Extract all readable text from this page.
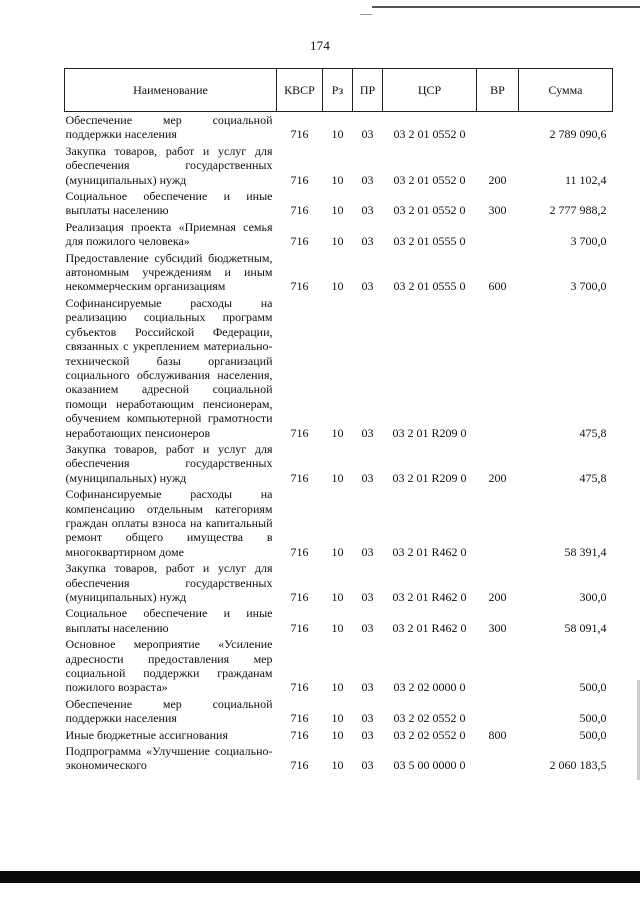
174
Наименование	КВСР	Рз	ПР	ЦСР	ВР	Сумма
Обеспечение мер социальной поддержки населения	716	10	03	03 2 01 0552 0		2 789 090,6
Закупка товаров, работ и услуг для обеспечения государственных (муниципальных) нужд	716	10	03	03 2 01 0552 0	200	11 102,4
Социальное обеспечение и иные выплаты населению	716	10	03	03 2 01 0552 0	300	2 777 988,2
Реализация проекта «Приемная семья для пожилого человека»	716	10	03	03 2 01 0555 0		3 700,0
Предоставление субсидий бюджетным, автономным учреждениям и иным некоммерческим организациям	716	10	03	03 2 01 0555 0	600	3 700,0
Софинансируемые расходы на реализацию социальных программ субъектов Российской Федерации, связанных с укреплением материально-технической базы организаций социального обслуживания населения, оказанием адресной социальной помощи неработающим пенсионерам, обучением компьютерной грамотности неработающих пенсионеров	716	10	03	03 2 01 R209 0		475,8
Закупка товаров, работ и услуг для обеспечения государственных (муниципальных) нужд	716	10	03	03 2 01 R209 0	200	475,8
Софинансируемые расходы на компенсацию отдельным категориям граждан оплаты взноса на капитальный ремонт общего имущества в многоквартирном доме	716	10	03	03 2 01 R462 0		58 391,4
Закупка товаров, работ и услуг для обеспечения государственных (муниципальных) нужд	716	10	03	03 2 01 R462 0	200	300,0
Социальное обеспечение и иные выплаты населению	716	10	03	03 2 01 R462 0	300	58 091,4
Основное мероприятие «Усиление адресности предоставления мер социальной поддержки гражданам пожилого возраста»	716	10	03	03 2 02 0000 0		500,0
Обеспечение мер социальной поддержки населения	716	10	03	03 2 02 0552 0		500,0
Иные бюджетные ассигнования	716	10	03	03 2 02 0552 0	800	500,0
Подпрограмма «Улучшение социально-экономического	716	10	03	03 5 00 0000 0		2 060 183,5
